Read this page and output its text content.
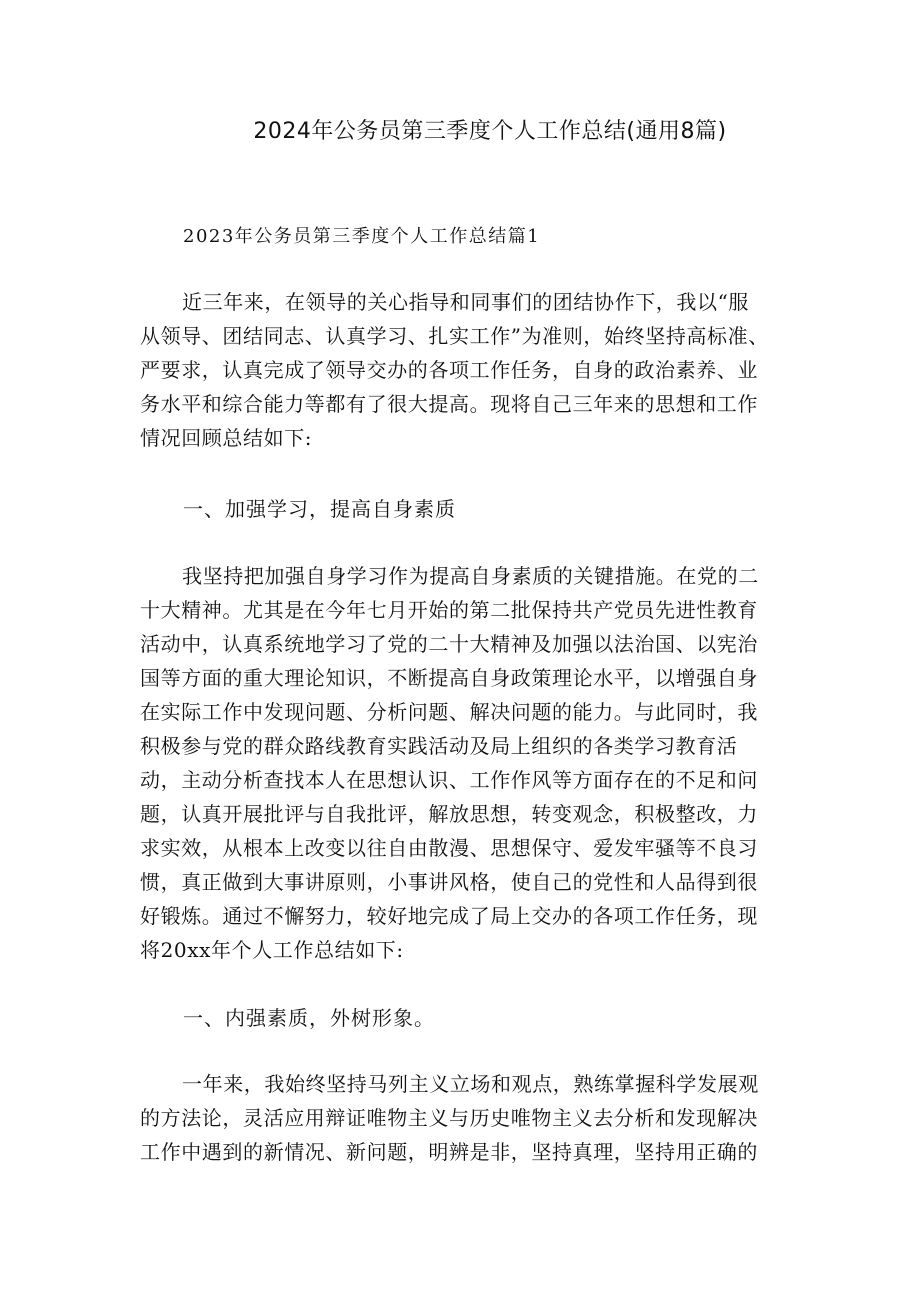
2024年公务员第三季度个人工作总结(通用8篇)
2023年公务员第三季度个人工作总结篇1
近三年来，在领导的关心指导和同事们的团结协作下，我以“服
从领导、团结同志、认真学习、扎实工作”为准则，始终坚持高标准、
严要求，认真完成了领导交办的各项工作任务，自身的政治素养、业
务水平和综合能力等都有了很大提高。现将自己三年来的思想和工作
情况回顾总结如下:
一、加强学习，提高自身素质
我坚持把加强自身学习作为提高自身素质的关键措施。在党的二
十大精神。尤其是在今年七月开始的第二批保持共产党员先进性教育
活动中，认真系统地学习了党的二十大精神及加强以法治国、以宪治
国等方面的重大理论知识，不断提高自身政策理论水平，以增强自身
在实际工作中发现问题、分析问题、解决问题的能力。与此同时，我
积极参与党的群众路线教育实践活动及局上组织的各类学习教育活
动，主动分析查找本人在思想认识、工作作风等方面存在的不足和问
题，认真开展批评与自我批评，解放思想，转变观念，积极整改，力
求实效，从根本上改变以往自由散漫、思想保守、爱发牢骚等不良习
惯，真正做到大事讲原则，小事讲风格，使自己的党性和人品得到很
好锻炼。通过不懈努力，较好地完成了局上交办的各项工作任务，现
将20xx年个人工作总结如下:
一、内强素质，外树形象。
一年来，我始终坚持马列主义立场和观点，熟练掌握科学发展观
的方法论，灵活应用辩证唯物主义与历史唯物主义去分析和发现解决
工作中遇到的新情况、新问题，明辨是非，坚持真理，坚持用正确的
